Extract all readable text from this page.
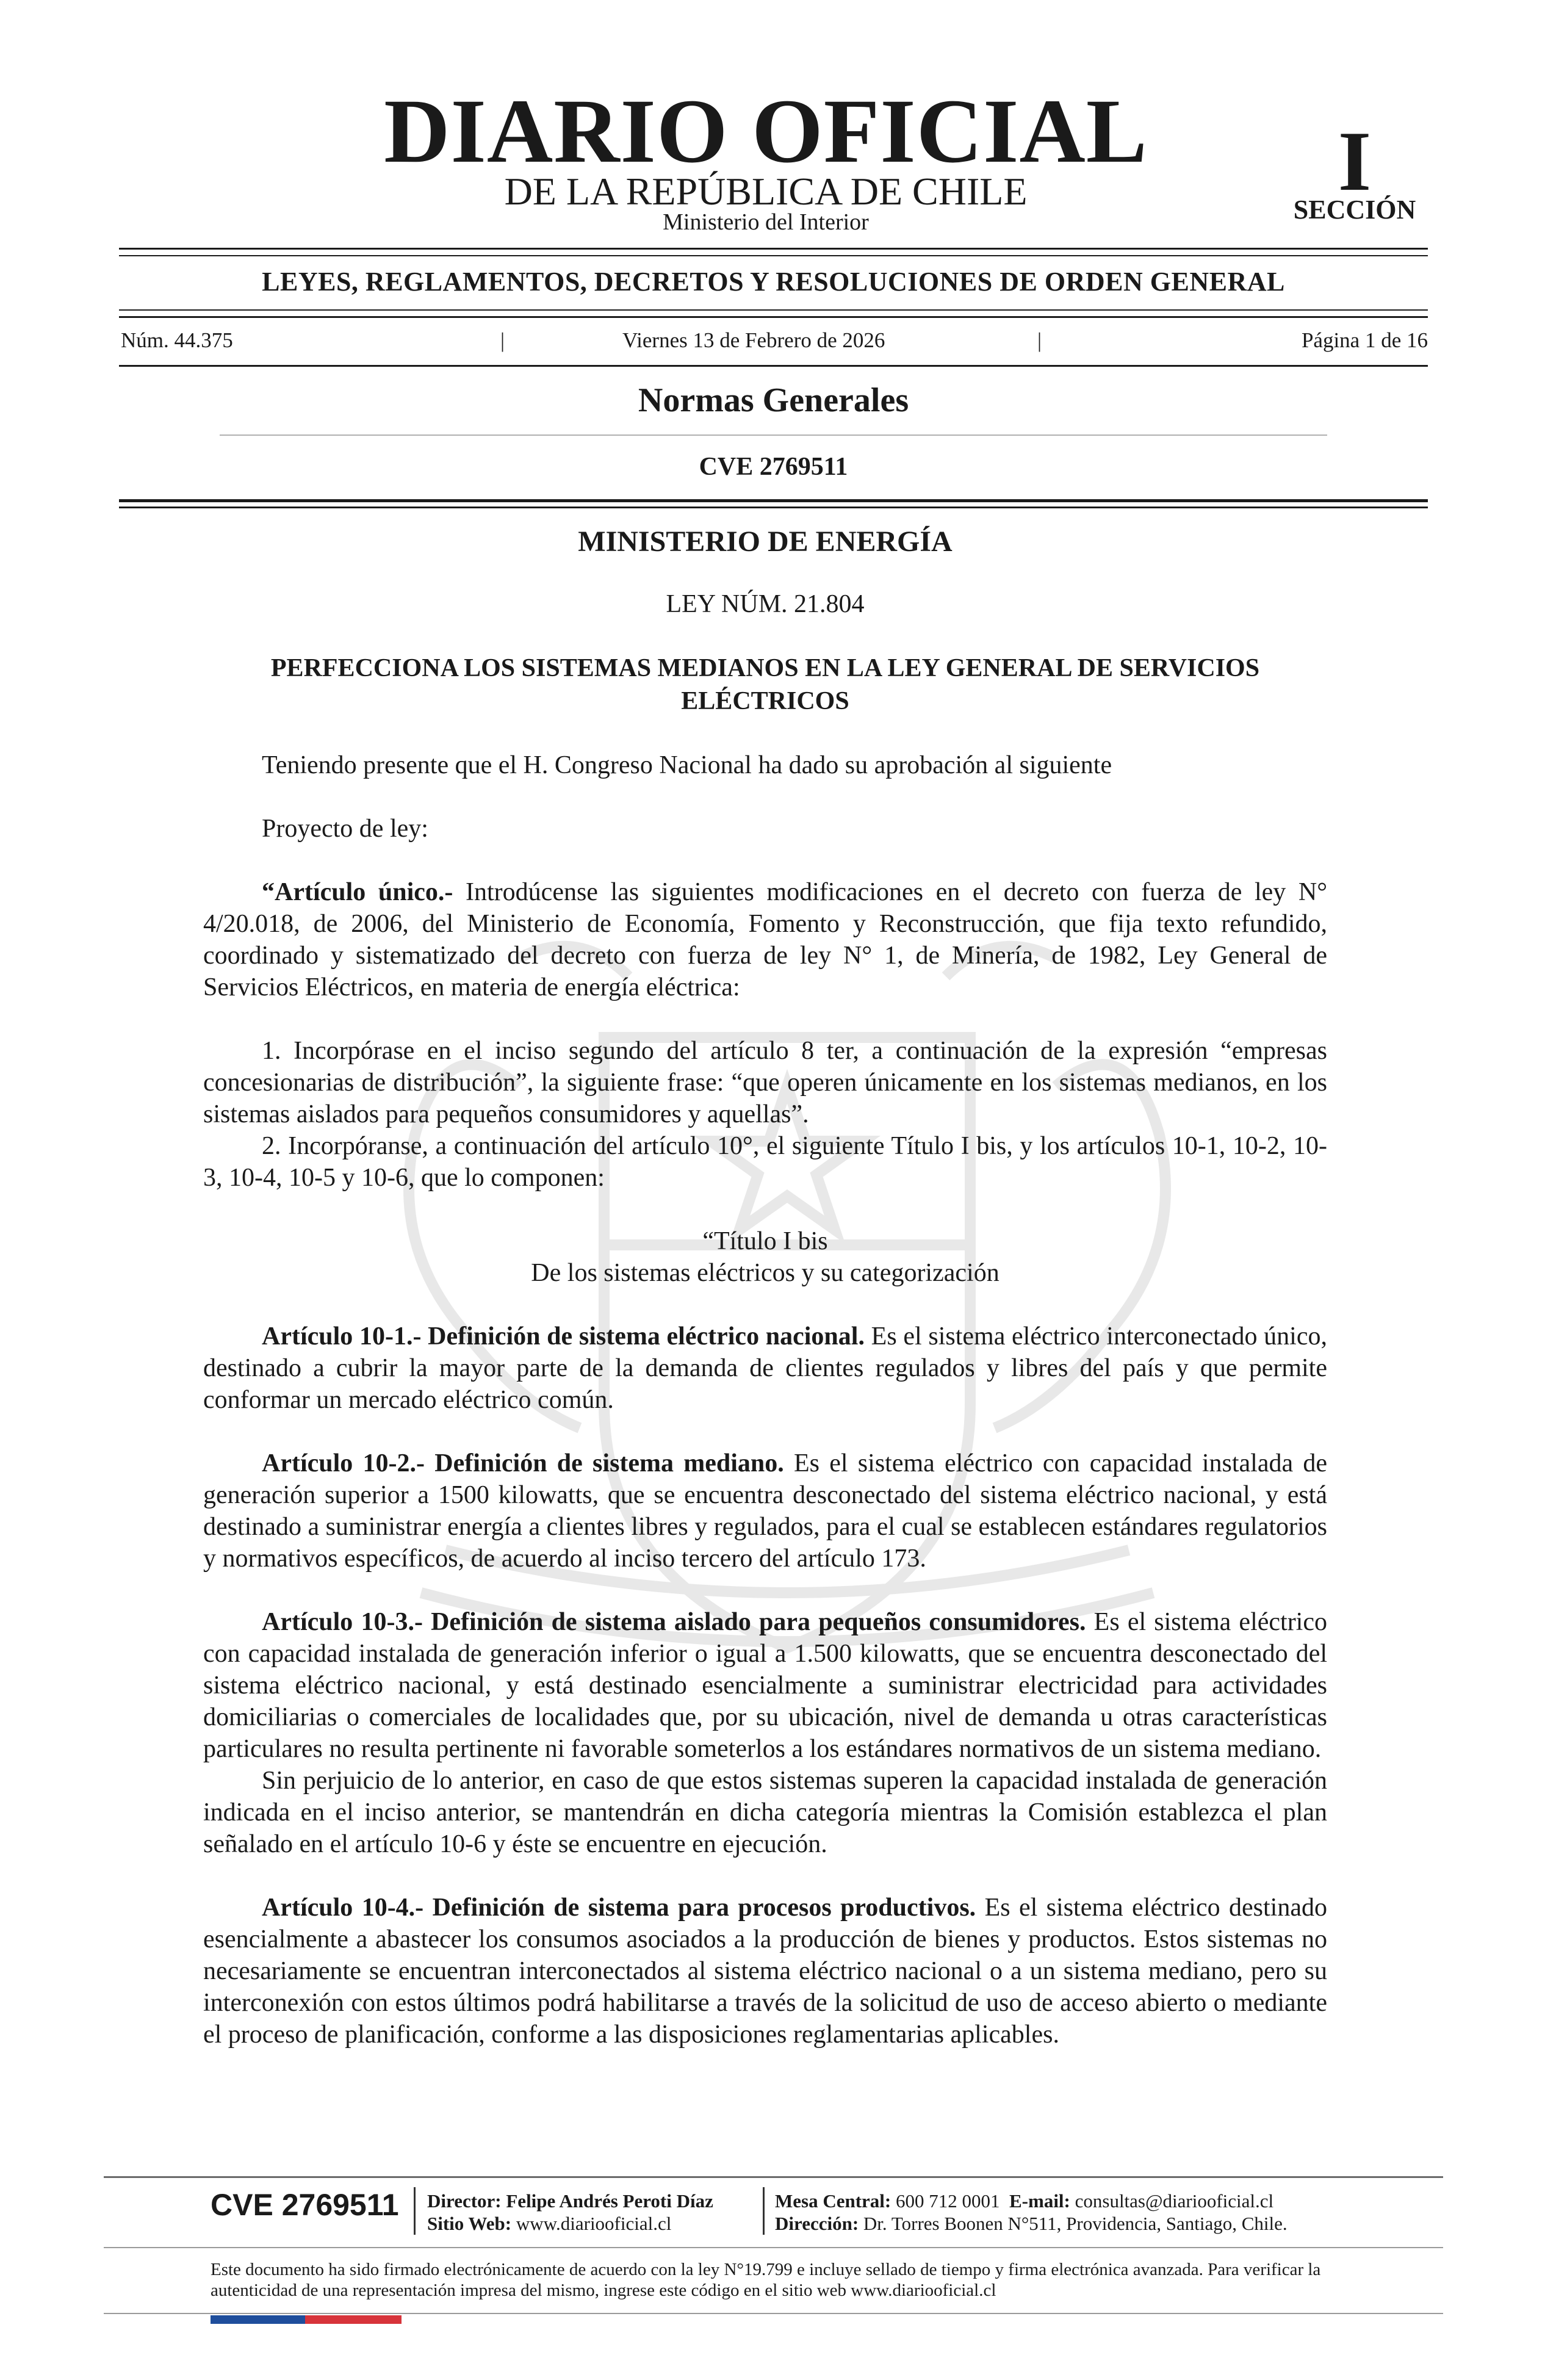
DIARIO OFICIAL
DE LA REPÚBLICA DE CHILE
Ministerio del Interior
I
SECCIÓN
LEYES, REGLAMENTOS, DECRETOS Y RESOLUCIONES DE ORDEN GENERAL
Núm. 44.375	|	Viernes 13 de Febrero de 2026	|	Página 1 de 16
Normas Generales
CVE 2769511

MINISTERIO DE ENERGÍA

LEY NÚM. 21.804

PERFECCIONA LOS SISTEMAS MEDIANOS EN LA LEY GENERAL DE SERVICIOS ELÉCTRICOS

Teniendo presente que el H. Congreso Nacional ha dado su aprobación al siguiente

Proyecto de ley:

“Artículo único.- Introdúcense las siguientes modificaciones en el decreto con fuerza de ley N° 4/20.018, de 2006, del Ministerio de Economía, Fomento y Reconstrucción, que fija texto refundido, coordinado y sistematizado del decreto con fuerza de ley N° 1, de Minería, de 1982, Ley General de Servicios Eléctricos, en materia de energía eléctrica:

1. Incorpórase en el inciso segundo del artículo 8 ter, a continuación de la expresión “empresas concesionarias de distribución”, la siguiente frase: “que operen únicamente en los sistemas medianos, en los sistemas aislados para pequeños consumidores y aquellas”.

2. Incorpóranse, a continuación del artículo 10°, el siguiente Título I bis, y los artículos 10-1, 10-2, 10-3, 10-4, 10-5 y 10-6, que lo componen:

“Título I bis

De los sistemas eléctricos y su categorización

Artículo 10-1.- Definición de sistema eléctrico nacional. Es el sistema eléctrico interconectado único, destinado a cubrir la mayor parte de la demanda de clientes regulados y libres del país y que permite conformar un mercado eléctrico común.

Artículo 10-2.- Definición de sistema mediano. Es el sistema eléctrico con capacidad instalada de generación superior a 1500 kilowatts, que se encuentra desconectado del sistema eléctrico nacional, y está destinado a suministrar energía a clientes libres y regulados, para el cual se establecen estándares regulatorios y normativos específicos, de acuerdo al inciso tercero del artículo 173.

Artículo 10-3.- Definición de sistema aislado para pequeños consumidores. Es el sistema eléctrico con capacidad instalada de generación inferior o igual a 1.500 kilowatts, que se encuentra desconectado del sistema eléctrico nacional, y está destinado esencialmente a suministrar electricidad para actividades domiciliarias o comerciales de localidades que, por su ubicación, nivel de demanda u otras características particulares no resulta pertinente ni favorable someterlos a los estándares normativos de un sistema mediano.

Sin perjuicio de lo anterior, en caso de que estos sistemas superen la capacidad instalada de generación indicada en el inciso anterior, se mantendrán en dicha categoría mientras la Comisión establezca el plan señalado en el artículo 10-6 y éste se encuentre en ejecución.

Artículo 10-4.- Definición de sistema para procesos productivos. Es el sistema eléctrico destinado esencialmente a abastecer los consumos asociados a la producción de bienes y productos. Estos sistemas no necesariamente se encuentran interconectados al sistema eléctrico nacional o a un sistema mediano, pero su interconexión con estos últimos podrá habilitarse a través de la solicitud de uso de acceso abierto o mediante el proceso de planificación, conforme a las disposiciones reglamentarias aplicables.

CVE 2769511 Director: Felipe Andrés Peroti Díaz
Sitio Web: www.diariooficial.cl
Mesa Central: 600 712 0001 E-mail: consultas@diariooficial.cl
Dirección: Dr. Torres Boonen N°511, Providencia, Santiago, Chile.
Este documento ha sido firmado electrónicamente de acuerdo con la ley N°19.799 e incluye sellado de tiempo y firma electrónica avanzada. Para verificar la autenticidad de una representación impresa del mismo, ingrese este código en el sitio web www.diariooficial.cl
